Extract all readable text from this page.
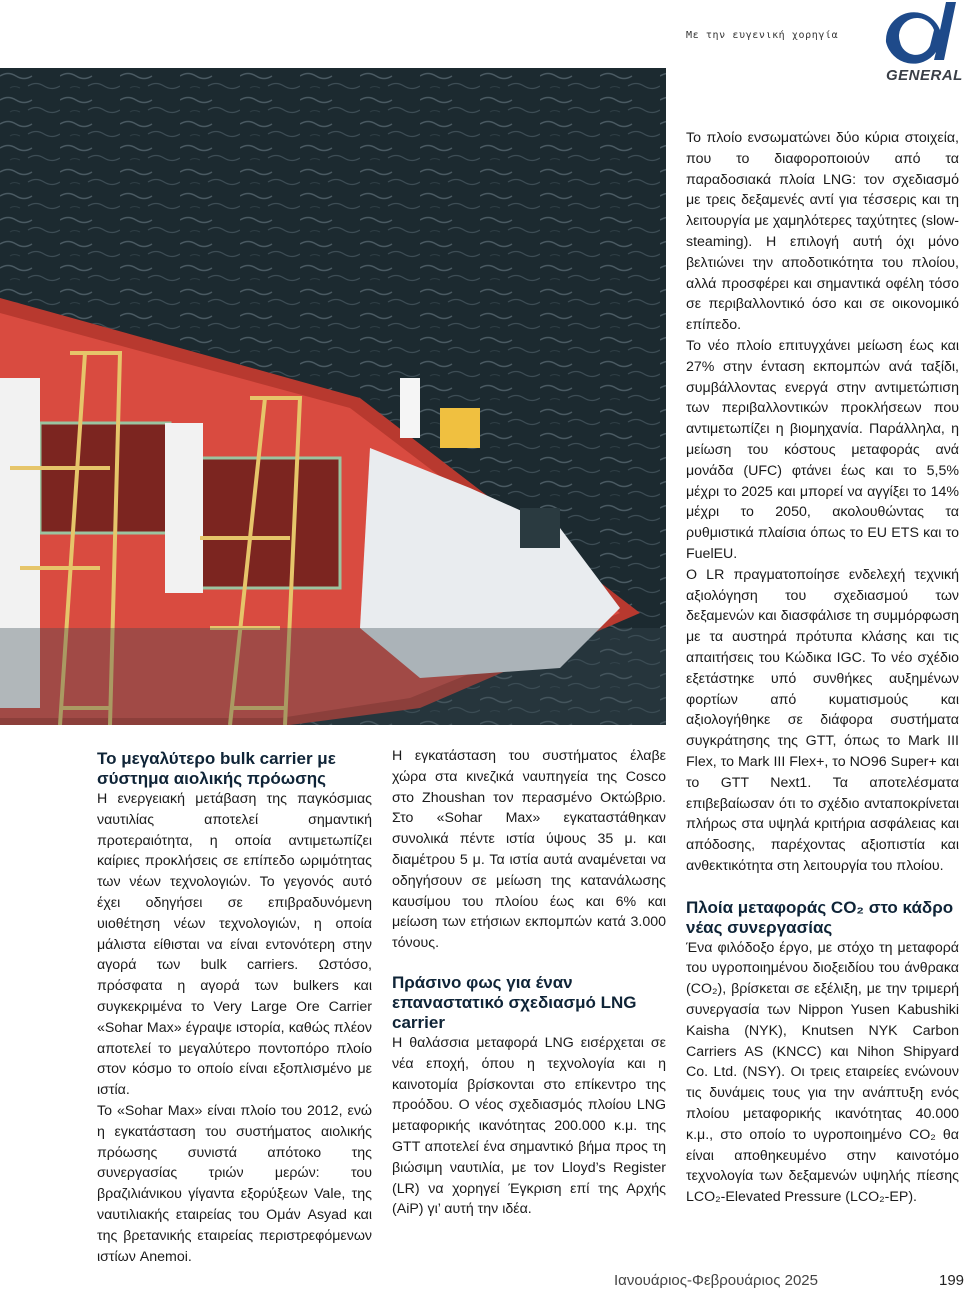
Με την ευγενική χορηγία
GENERAL
Το μεγαλύτερο bulk carrier με σύστημα αιολικής πρόωσης

Η ενεργειακή μετάβαση της παγκόσμιας ναυτιλίας αποτελεί σημαντική προτεραιότητα, η οποία αντιμετωπίζει καίριες προκλήσεις σε επίπεδο ωριμότητας των νέων τεχνολογιών. Το γεγονός αυτό έχει οδηγήσει σε επιβραδυνόμενη υιοθέτηση νέων τεχνολογιών, η οποία μάλιστα είθισται να είναι εντονότερη στην αγορά των bulk carriers. Ωστόσο, πρόσφατα η αγορά των bulkers και συγκεκριμένα το Very Large Ore Carrier «Sohar Max» έγραψε ιστορία, καθώς πλέον αποτελεί το μεγαλύτερο ποντοπόρο πλοίο στον κόσμο το οποίο είναι εξοπλισμένο με ιστία.

Το «Sohar Max» είναι πλοίο του 2012, ενώ η εγκατάσταση του συστήματος αιολικής πρόωσης συνιστά απότοκο της συνεργασίας τριών μερών: του βραζιλιάνικου γίγαντα εξορύξεων Vale, της ναυτιλιακής εταιρείας του Ομάν Asyad και της βρετανικής εταιρείας περιστρεφόμενων ιστίων Anemoi.

Η εγκατάσταση του συστήματος έλαβε χώρα στα κινεζικά ναυπηγεία της Cosco στο Zhoushan τον περασμένο Οκτώβριο. Στο «Sohar Max» εγκαταστάθηκαν συνολικά πέντε ιστία ύψους 35 μ. και διαμέτρου 5 μ. Τα ιστία αυτά αναμένεται να οδηγήσουν σε μείωση της κατανάλωσης καυσίμου του πλοίου έως και 6% και μείωση των ετήσιων εκπομπών κατά 3.000 τόνους.

Πράσινο φως για έναν επαναστατικό σχεδιασμό LNG carrier

Η θαλάσσια μεταφορά LNG εισέρχεται σε νέα εποχή, όπου η τεχνολογία και η καινοτομία βρίσκονται στο επίκεντρο της προόδου. Ο νέος σχεδιασμός πλοίου LNG μεταφορικής ικανότητας 200.000 κ.μ. της GTT αποτελεί ένα σημαντικό βήμα προς τη βιώσιμη ναυτιλία, με τον Lloyd’s Register (LR) να χορηγεί Έγκριση επί της Αρχής (AiP) γι’ αυτή την ιδέα.

Το πλοίο ενσωματώνει δύο κύρια στοιχεία, που το διαφοροποιούν από τα παραδοσιακά πλοία LNG: τον σχεδιασμό με τρεις δεξαμενές αντί για τέσσερις και τη λειτουργία με χαμηλότερες ταχύτητες (slow-steaming). Η επιλογή αυτή όχι μόνο βελτιώνει την αποδοτικότητα του πλοίου, αλλά προσφέρει και σημαντικά οφέλη τόσο σε περιβαλλοντικό όσο και σε οικονομικό επίπεδο.

Το νέο πλοίο επιτυγχάνει μείωση έως και 27% στην ένταση εκπομπών ανά ταξίδι, συμβάλλοντας ενεργά στην αντιμετώπιση των περιβαλλοντικών προκλήσεων που αντιμετωπίζει η βιομηχανία. Παράλληλα, η μείωση του κόστους μεταφοράς ανά μονάδα (UFC) φτάνει έως και το 5,5% μέχρι το 2025 και μπορεί να αγγίξει το 14% μέχρι το 2050, ακολουθώντας τα ρυθμιστικά πλαίσια όπως το EU ETS και το FuelEU.

Ο LR πραγματοποίησε ενδελεχή τεχνική αξιολόγηση του σχεδιασμού των δεξαμενών και διασφάλισε τη συμμόρφωση με τα αυστηρά πρότυπα κλάσης και τις απαιτήσεις του Κώδικα IGC. Το νέο σχέδιο εξετάστηκε υπό συνθήκες αυξημένων φορτίων από κυματισμούς και αξιολογήθηκε σε διάφορα συστήματα συγκράτησης της GTT, όπως το Mark III Flex, το Mark III Flex+, το NO96 Super+ και το GTT Next1. Τα αποτελέσματα επιβεβαίωσαν ότι το σχέδιο ανταποκρίνεται πλήρως στα υψηλά κριτήρια ασφάλειας και απόδοσης, παρέχοντας αξιοπιστία και ανθεκτικότητα στη λειτουργία του πλοίου.

Πλοία μεταφοράς CO₂ στο κάδρο νέας συνεργασίας

Ένα φιλόδοξο έργο, με στόχο τη μεταφορά του υγροποιημένου διοξειδίου του άνθρακα (CO₂), βρίσκεται σε εξέλιξη, με την τριμερή συνεργασία των Nippon Yusen Kabushiki Kaisha (NYK), Knutsen NYK Carbon Carriers AS (KNCC) και Nihon Shipyard Co. Ltd. (NSY). Οι τρεις εταιρείες ενώνουν τις δυνάμεις τους για την ανάπτυξη ενός πλοίου μεταφορικής ικανότητας 40.000 κ.μ., στο οποίο το υγροποιημένο CO₂ θα είναι αποθηκευμένο στην καινοτόμο τεχνολογία των δεξαμενών υψηλής πίεσης LCO₂-Elevated Pressure (LCO₂-EP).

Ιανουάριος-Φεβρουάριος 2025	199
